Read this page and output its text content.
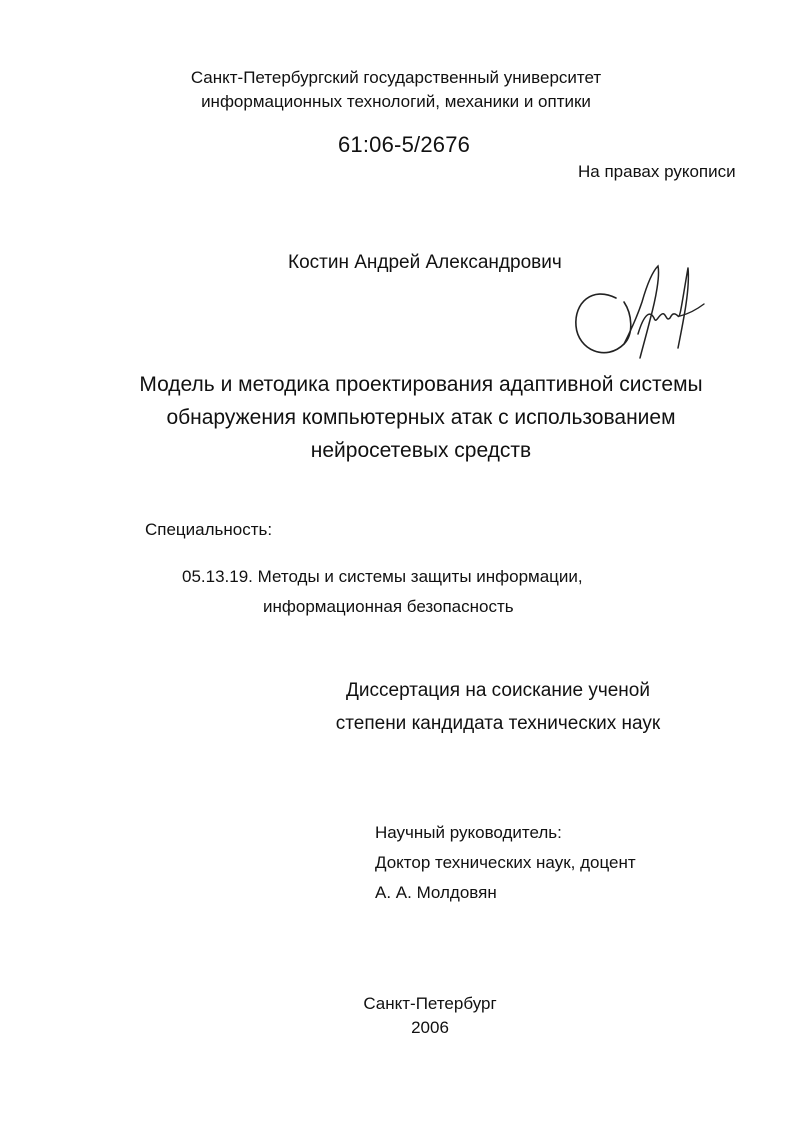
Санкт-Петербургский государственный университет
информационных технологий, механики и оптики
61:06-5/2676
На правах рукописи
Костин Андрей Александрович
Модель и методика проектирования адаптивной системы
обнаружения компьютерных атак с использованием
нейросетевых средств
Специальность:
05.13.19. Методы и системы защиты информации,
информационная безопасность
Диссертация на соискание ученой
степени кандидата технических наук
Научный руководитель:
Доктор технических наук, доцент
А. А. Молдовян
Санкт-Петербург
2006
